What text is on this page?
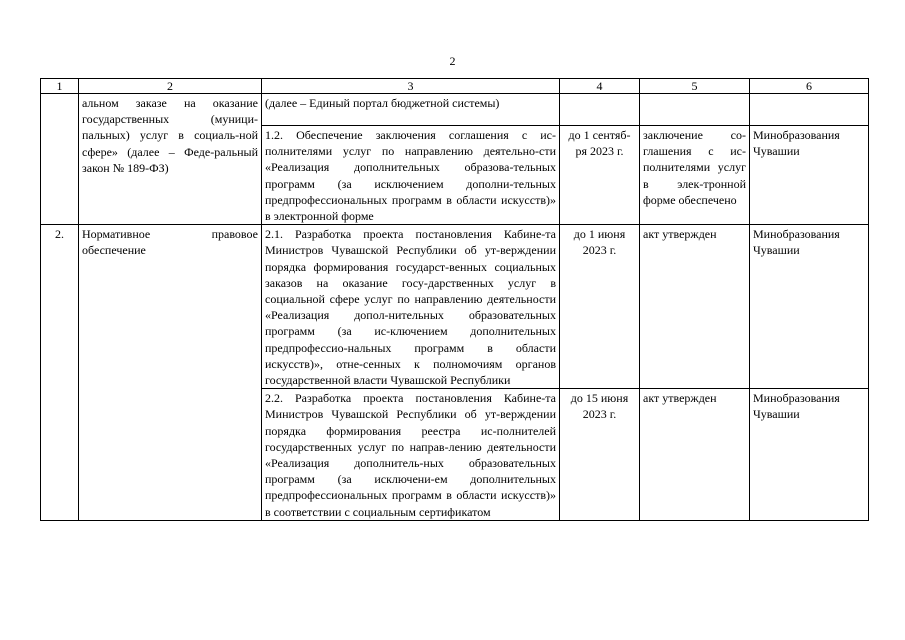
2
1	2	3	4	5	6
	альном заказе на оказание государственных (муници-пальных) услуг в социаль-ной сфере» (далее – Феде-ральный закон № 189-ФЗ)	(далее – Единый портал бюджетной системы)			
		1.2. Обеспечение заключения соглашения с ис-полнителями услуг по направлению деятельно-сти «Реализация дополнительных образова-тельных программ (за исключением дополни-тельных предпрофессиональных программ в области искусств)» в электронной форме	до 1 сентяб-ря 2023 г.	заключение со-глашения с ис-полнителями услуг в элек-тронной форме обеспечено	Минобразования Чувашии
2.	Нормативное правовое обеспечение	2.1. Разработка проекта постановления Кабине-та Министров Чувашской Республики об ут-верждении порядка формирования государст-венных социальных заказов на оказание госу-дарственных услуг в социальной сфере услуг по направлению деятельности «Реализация допол-нительных образовательных программ (за ис-ключением дополнительных предпрофессио-нальных программ в области искусств)», отне-сенных к полномочиям органов государственной власти Чувашской Республики	до 1 июня 2023 г.	акт утвержден	Минобразования Чувашии
		2.2. Разработка проекта постановления Кабине-та Министров Чувашской Республики об ут-верждении порядка формирования реестра ис-полнителей государственных услуг по направ-лению деятельности «Реализация дополнитель-ных образовательных программ (за исключени-ем дополнительных предпрофессиональных программ в области искусств)» в соответствии с социальным сертификатом	до 15 июня 2023 г.	акт утвержден	Минобразования Чувашии
